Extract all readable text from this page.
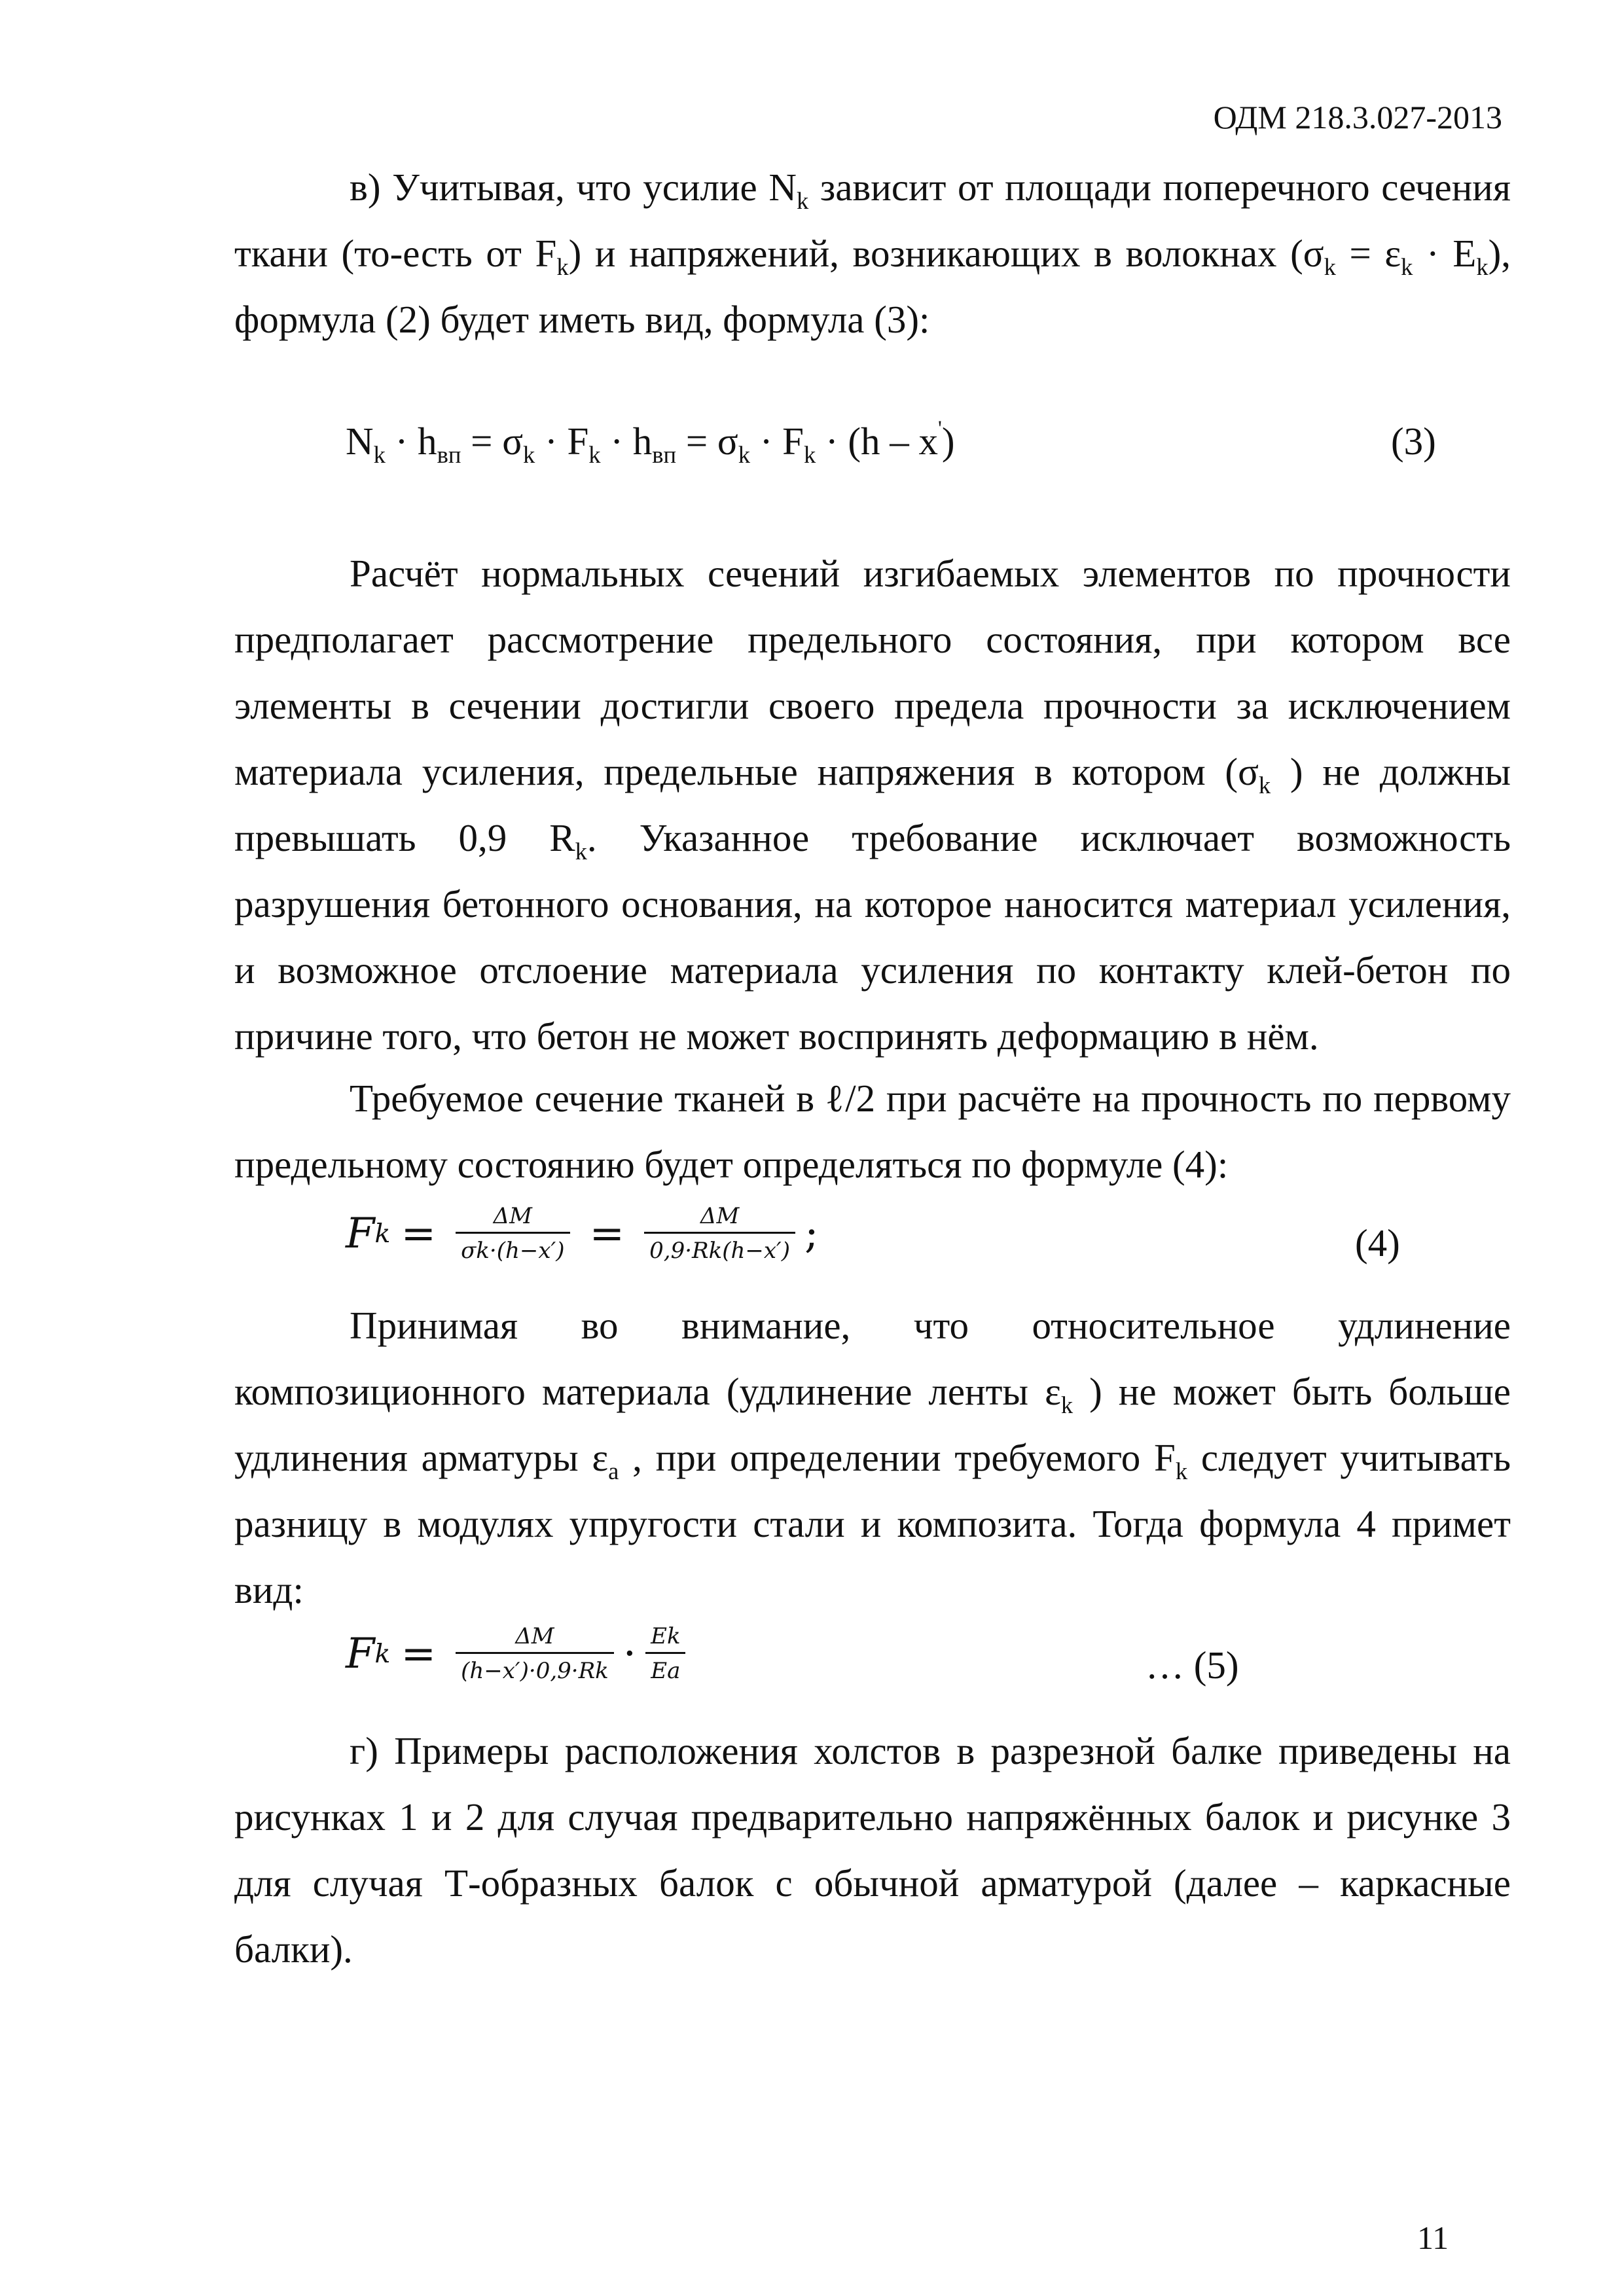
ОДМ 218.3.027-2013

в) Учитывая, что усилие $N_k$ зависит от площади поперечного сечения ткани (то-есть от $F_k$) и напряжений, возникающих в волокнах $(\sigma_k = \varepsilon_k \cdot E_k)$, формула (2) будет иметь вид, формула (3):

$N_k \cdot h_{вп} = \sigma_k \cdot F_k \cdot h_{вп} = \sigma_k \cdot F_k \cdot (h - x')$	(3)

Расчёт нормальных сечений изгибаемых элементов по прочности предполагает рассмотрение предельного состояния, при котором все элементы в сечении достигли своего предела прочности за исключением материала усиления, предельные напряжения в котором ($\sigma_k$ ) не должны превышать 0,9 $R_k$. Указанное требование исключает возможность разрушения бетонного основания, на которое наносится материал усиления, и возможное отслоение материала усиления по контакту клей-бетон по причине того, что бетон не может воспринять деформацию в нём.

Требуемое сечение тканей в ℓ/2 при расчёте на прочность по первому предельному состоянию будет определяться по формуле (4):

F $k = \frac{\Delta M}{\sigma k\cdot(h-x')} = \frac{\Delta M}{0,9\cdot Rk(h-x')}$ ;	(4)

Принимая во внимание, что относительное удлинение композиционного материала (удлинение ленты $\varepsilon_k$ ) не может быть больше удлинения арматуры $\varepsilon_a$ , при определении требуемого $F_k$ следует учитывать разницу в модулях упругости стали и композита. Тогда формула 4 примет вид:

F $k = \frac{\Delta M}{(h-x')\cdot 0,9\cdot Rk} \cdot \frac{Ek}{Ea}$	… (5)

г) Примеры расположения холстов в разрезной балке приведены на рисунках 1 и 2 для случая предварительно напряжённых балок и рисунке 3 для случая Т-образных балок с обычной арматурой (далее – каркасные балки).

11
